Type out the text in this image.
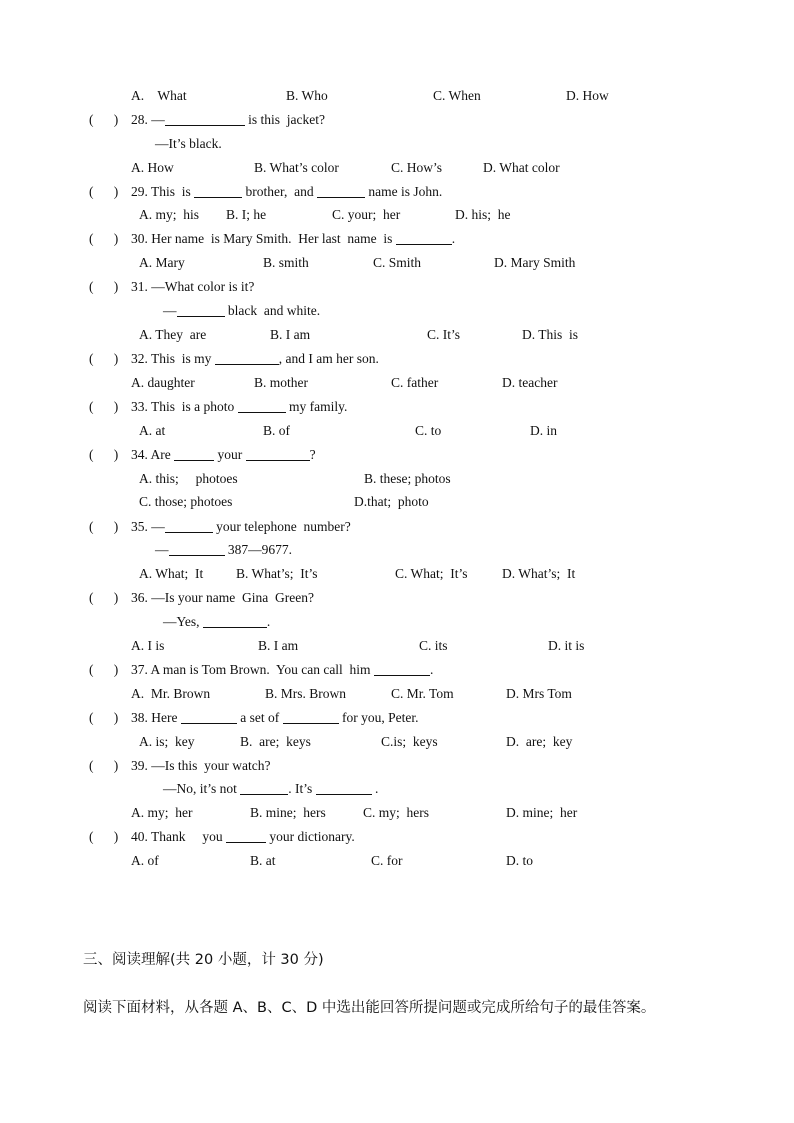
A.    What	B. Who	C. When	D. How
(      ) 28. —	is this  jacket?
—It’s black.
A. How	B. What’s color	C. How’s	D. What color
(      ) 29. This  is	brother,  and	name is John.
A. my;  his B. I; he	C. your;  her	D. his;  he
(      ) 30. Her name  is Mary Smith.  Her last  name  is	.
A. Mary	B. smith	C. Smith	D. Mary Smith
(      ) 31. —What color is it?
—	black  and white.
A. They  are	B. I am	C. It’s	D. This  is
(      ) 32. This  is my	, and I am her son.
A. daughter	B. mother	C. father	D. teacher
(      ) 33. This  is a photo	my family.
A. at	B. of	C. to	D. in
(      ) 34. Are	your	?
A. this;     photoes	B. these; photos
C. those; photoes	D.that;  photo
(      ) 35. —	your telephone  number?
—	387—9677.
A. What;  It B. What’s;  It’s	C. What;  It’s	D. What’s;  It
(      ) 36. —Is your name  Gina  Green?
—Yes,	.
A. I is	B. I am	C. its	D. it is
(      ) 37. A man is Tom Brown.  You can call  him	.
A.  Mr. Brown	B. Mrs. Brown	C. Mr. Tom	D. Mrs Tom
(      ) 38. Here	a set of	for you, Peter.
A. is;  key	B.  are;  keys	C.is;  keys	D.  are;  key
(      ) 39. —Is this  your watch?
—No, it’s not	. It’s	.
A. my;  her	B. mine;  hers	C. my;  hers	D. mine;  her
(      ) 40. Thank     you	your dictionary.
A. of	B. at	C. for	D. to
三、阅读理解(共 20 小题，计 30 分)
阅读下面材料，从各题 A、B、C、D 中选出能回答所提问题或完成所给句子的最佳答案。
